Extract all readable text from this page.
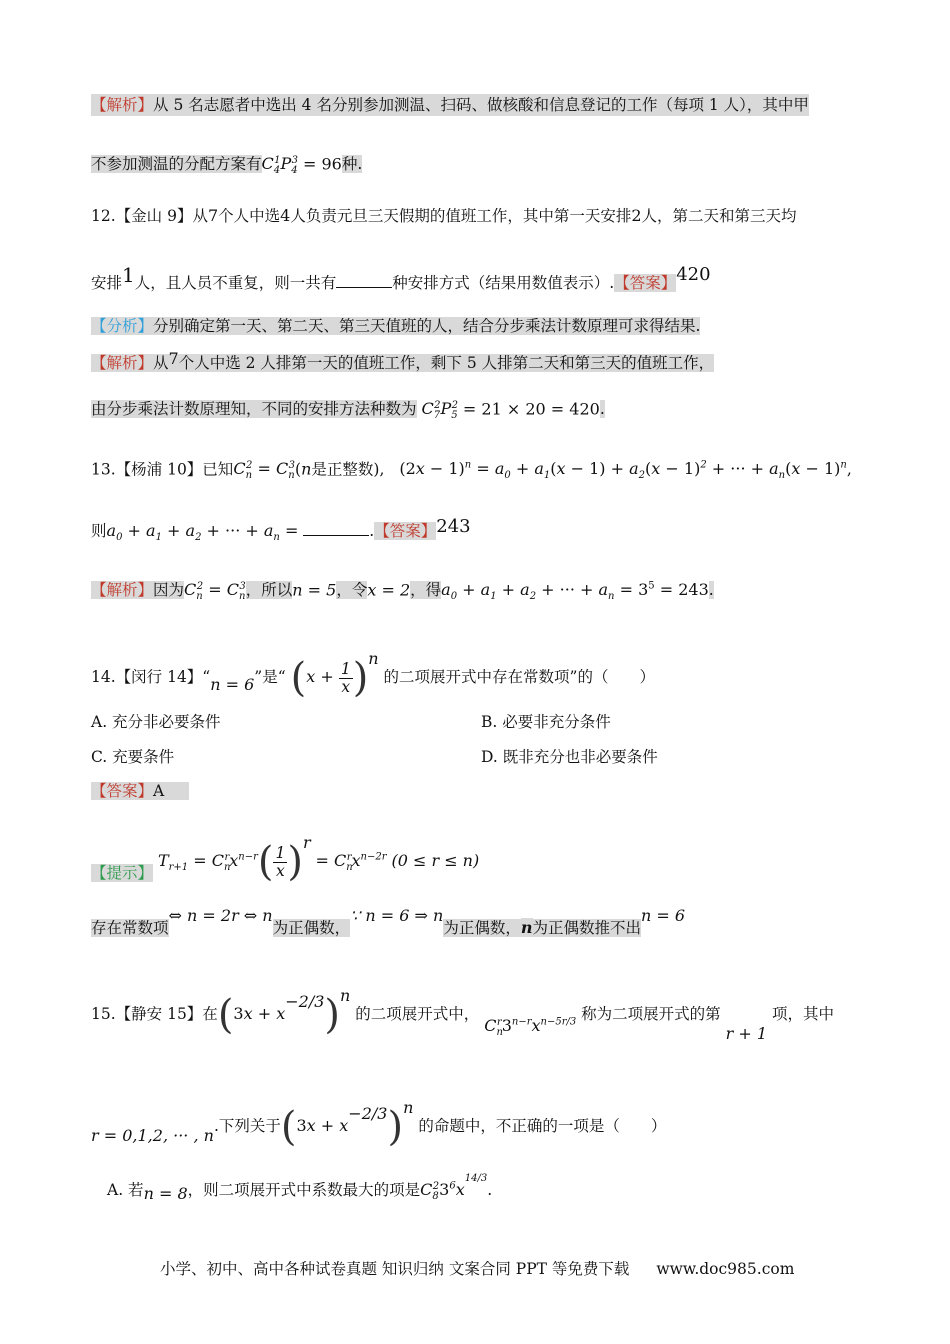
【解析】从 5 名志愿者中选出 4 名分别参加测温、扫码、做核酸和信息登记的工作（每项 1 人），其中甲
不参加测温的分配方案有$C_4^1P_4^3 = 96$种.
12.【金山 9】从7个人中选4人负责元旦三天假期的值班工作，其中第一天安排2人，第二天和第三天均
安排1人，且人员不重复，则一共有	种安排方式（结果用数值表示）.【答案】420
【分析】分别确定第一天、第二天、第三天值班的人，结合分步乘法计数原理可求得结果.
【解析】从7个人中选 2 人排第一天的值班工作，剩下 5 人排第二天和第三天的值班工作，
由分步乘法计数原理知，不同的安排方法种数为 $C_7^2P_5^2 = 21 \times 20 = 420$.
13.【杨浦 10】已知$C_n^2 = C_n^3(n$是正整数), $(2x - 1)^n = a_0 + a_1(x - 1) + a_2(x - 1)^2$ + ··· + $a_n(x - 1)^n$,
则$a_0 + a_1 + a_2$ + ··· + $a_n$ =	.【答案】243
【解析】因为$C_n^2 = C_n^3$，所以n = 5，令x = 2，得$a_0 + a_1 + a_2$ + ··· + $a_n = 3^5 = 243$.
14.【闵行 14】“n = 6”是“ $(x + \frac{1}{x} )^n$ 的二项展开式中存在常数项”的（　　）
A. 充分非必要条件	B. 必要非充分条件
C. 充要条件	D. 既非充分也非必要条件
【答案】A
【提示】 $T_{r+1} = C_n^rx^{n-r}( \frac{1}{x} )^r = C_n^rx^{n-2r}$ (0 ≤ r ≤ n)
存在常数项⇔ n = 2r ⇔ n为正偶数，∵ n = 6 ⇒ n为正偶数，n为正偶数推不出n = 6
15.【静安 15】在$(3x + x^{-2/3})^n$ 的二项展开式中， $C_n^r3^{n-r}x^{n-5r/3}$ 称为二项展开式的第 r + 1 项，其中
r = 0,1,2, ··· , n.下列关于$(3x + x^{-2/3})^n$ 的命题中，不正确的一项是（　　）
A. 若n = 8，则二项展开式中系数最大的项是$C_8^23^6x^{14/3}$.
小学、初中、高中各种试卷真题 知识归纳 文案合同 PPT 等免费下载 www.doc985.com
